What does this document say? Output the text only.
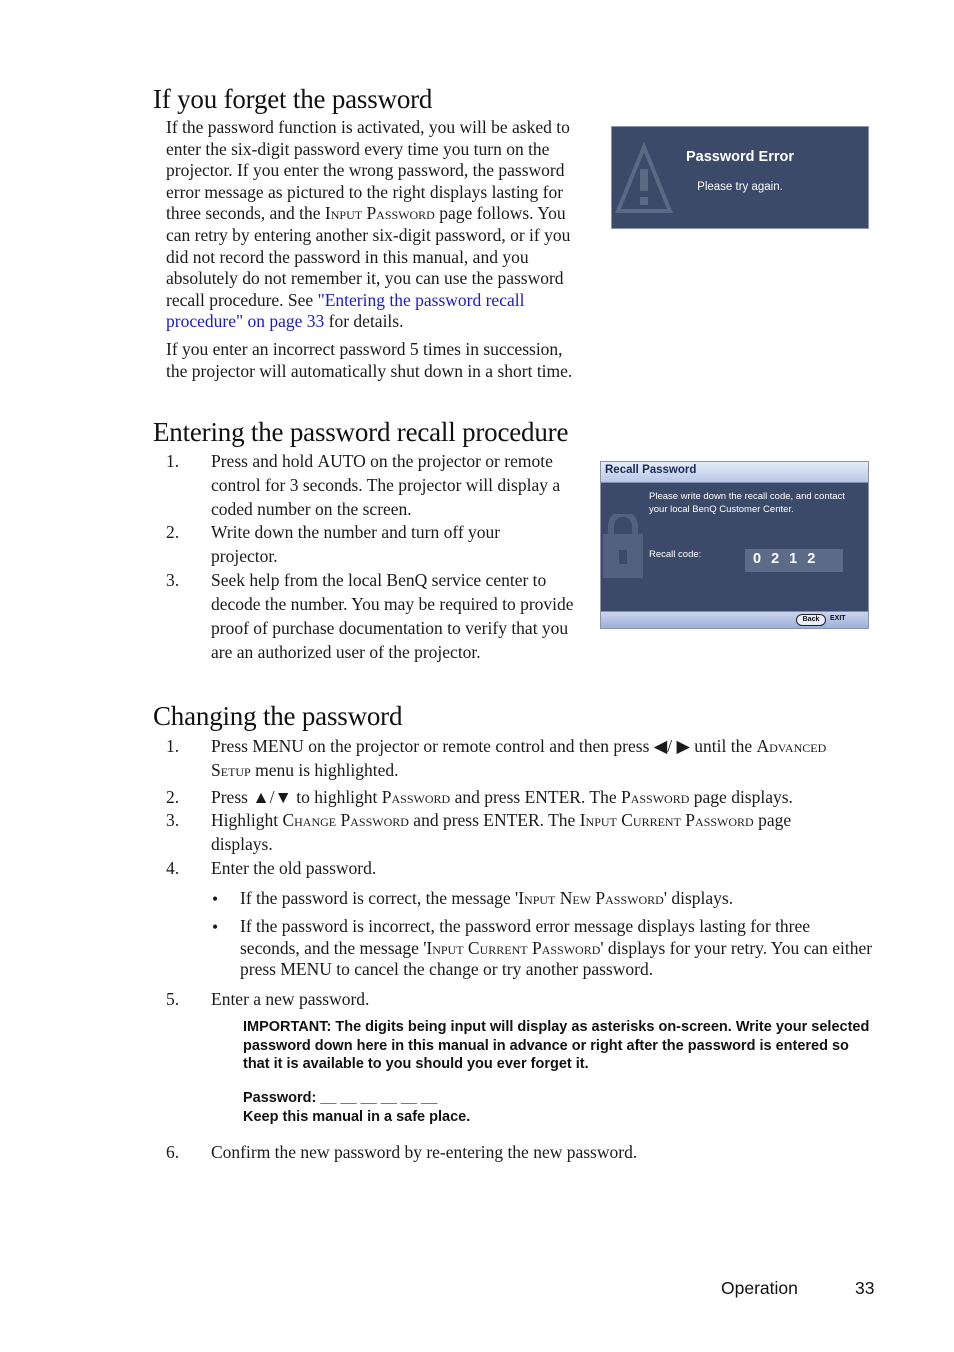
If you forget the password

If the password function is activated, you will be asked to enter the six-digit password every time you turn on the projector. If you enter the wrong password, the password error message as pictured to the right displays lasting for three seconds, and the Input Password page follows. You can retry by entering another six-digit password, or if you did not record the password in this manual, and you absolutely do not remember it, you can use the password recall procedure. See "Entering the password recall procedure" on page 33 for details.

If you enter an incorrect password 5 times in succession, the projector will automatically shut down in a short time.

Password Error
Please try again.
Entering the password recall procedure
1. Press and hold AUTO on the projector or remote control for 3 seconds. The projector will display a coded number on the screen.

2. Write down the number and turn off your projector.

3. Seek help from the local BenQ service center to decode the number. You may be required to provide proof of purchase documentation to verify that you are an authorized user of the projector.

Recall Password
Please write down the recall code, and contact your local BenQ Customer Center.
Recall code:	0 2 1 2
Back	EXIT
Changing the password
1. Press MENU on the projector or remote control and then press ◀/ ▶ until the Advanced Setup menu is highlighted.

2. Press ▲/▼ to highlight Password and press ENTER. The Password page displays.

3. Highlight Change Password and press ENTER. The Input Current Password page displays.

4. Enter the old password.

• If the password is correct, the message 'Input New Password' displays.

• If the password is incorrect, the password error message displays lasting for three seconds, and the message 'Input Current Password' displays for your retry. You can either press MENU to cancel the change or try another password.

5. Enter a new password.

IMPORTANT: The digits being input will display as asterisks on-screen. Write your selected password down here in this manual in advance or right after the password is entered so that it is available to you should you ever forget it.

Password: __ __ __ __ __ __

Keep this manual in a safe place.

6. Confirm the new password by re-entering the new password.

Operation	33
